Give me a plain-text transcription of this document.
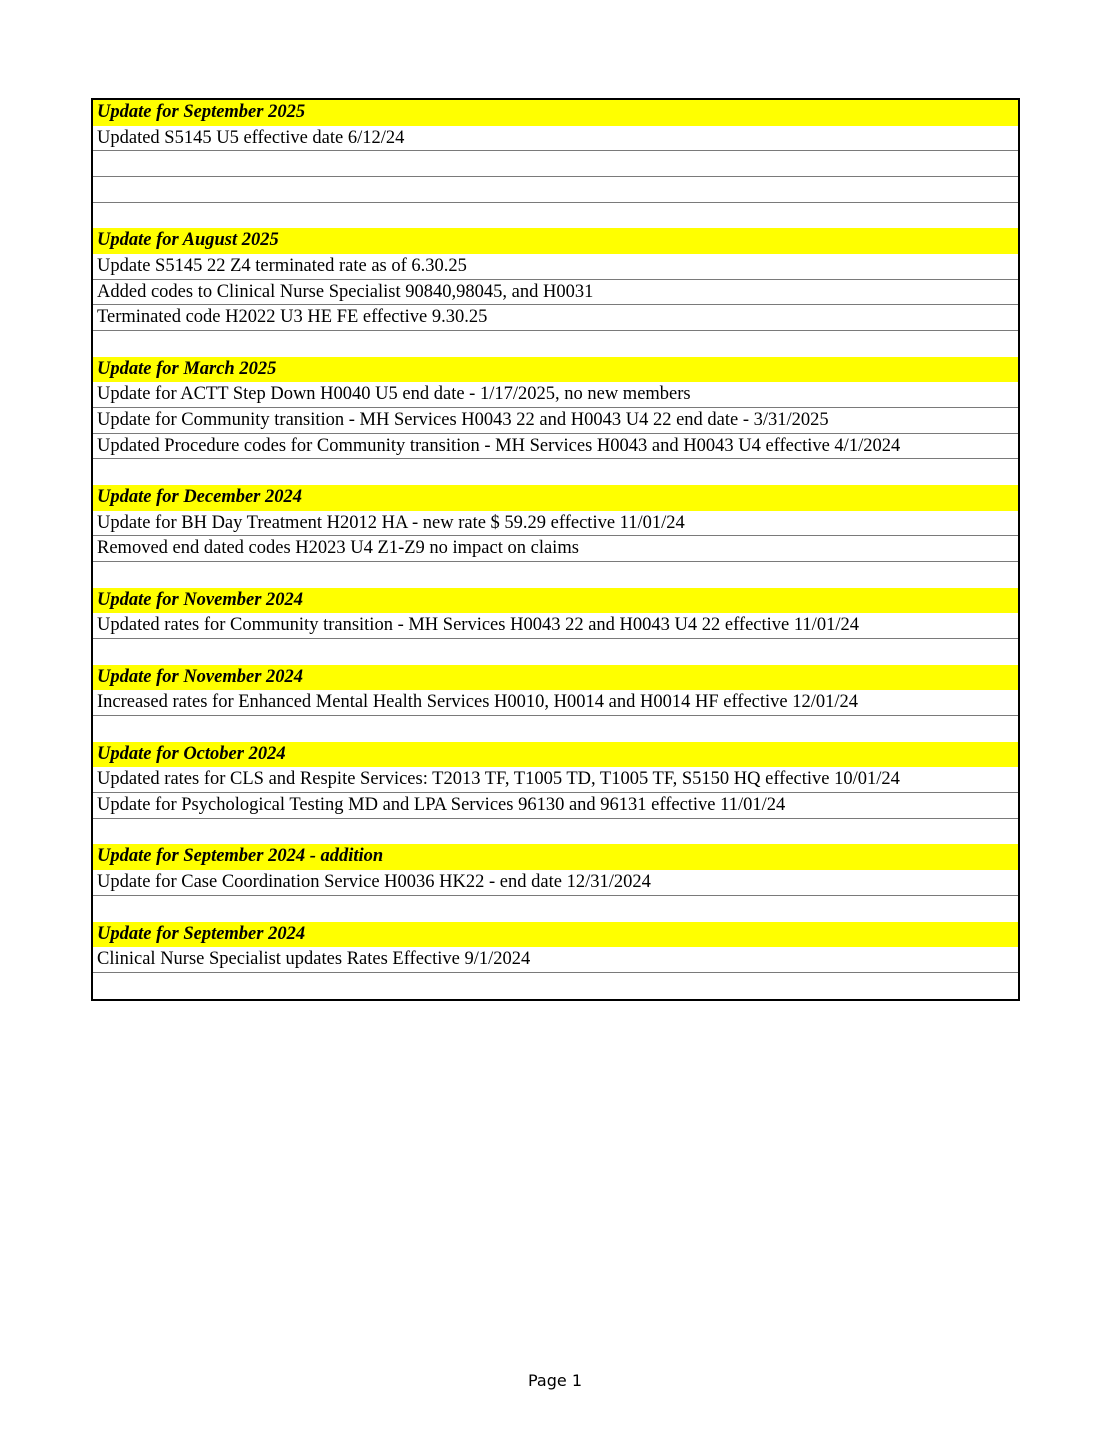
Update for September 2025
Updated S5145 U5 effective date 6/12/24
Update for August 2025
Update S5145 22 Z4 terminated rate as of 6.30.25
Added codes to Clinical Nurse Specialist 90840,98045, and H0031
Terminated code H2022 U3 HE FE effective 9.30.25
Update for March 2025
Update for ACTT Step Down H0040 U5 end date - 1/17/2025, no new members
Update for Community transition - MH Services H0043 22 and H0043 U4 22 end date - 3/31/2025
Updated Procedure codes for Community transition - MH Services H0043 and H0043 U4 effective 4/1/2024
Update for December 2024
Update for BH Day Treatment H2012 HA - new rate $ 59.29 effective 11/01/24
Removed end dated codes H2023 U4 Z1-Z9 no impact on claims
Update for November 2024
Updated rates for Community transition - MH Services H0043 22 and H0043 U4 22 effective 11/01/24
Update for November 2024
Increased rates for Enhanced Mental Health Services H0010, H0014 and H0014 HF effective 12/01/24
Update for October 2024
Updated rates for CLS and Respite Services: T2013 TF, T1005 TD, T1005 TF, S5150 HQ effective 10/01/24
Update for Psychological Testing MD and LPA Services 96130 and 96131 effective 11/01/24
Update for September 2024 - addition
Update for Case Coordination Service H0036 HK22 - end date 12/31/2024
Update for September 2024
Clinical Nurse Specialist updates Rates Effective 9/1/2024
Page 1
